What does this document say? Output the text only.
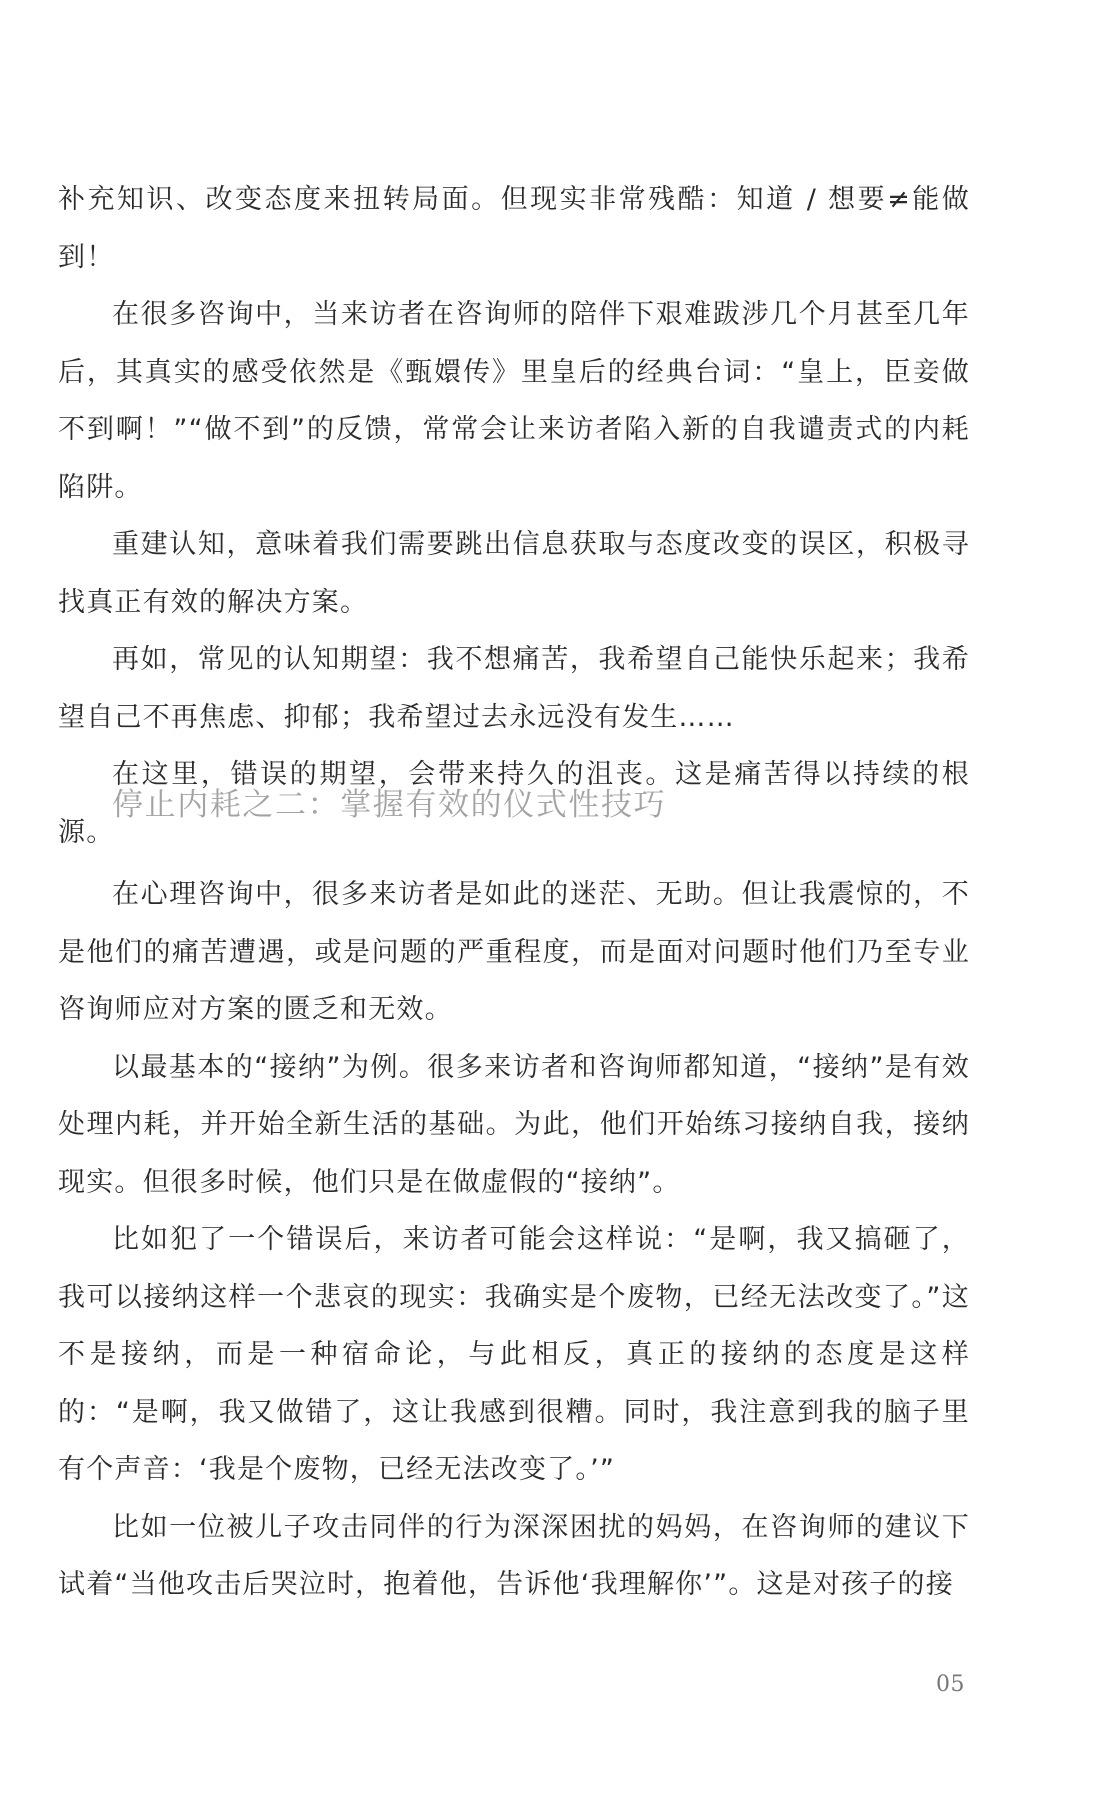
补充知识、改变态度来扭转局面。但现实非常残酷：知道 / 想要≠能做到！

在很多咨询中，当来访者在咨询师的陪伴下艰难跋涉几个月甚至几年后，其真实的感受依然是《甄嬛传》里皇后的经典台词：“皇上，臣妾做不到啊！”“做不到”的反馈，常常会让来访者陷入新的自我谴责式的内耗陷阱。

重建认知，意味着我们需要跳出信息获取与态度改变的误区，积极寻找真正有效的解决方案。

再如，常见的认知期望：我不想痛苦，我希望自己能快乐起来；我希望自己不再焦虑、抑郁；我希望过去永远没有发生……

在这里，错误的期望，会带来持久的沮丧。这是痛苦得以持续的根源。

停止内耗之二：掌握有效的仪式性技巧

在心理咨询中，很多来访者是如此的迷茫、无助。但让我震惊的，不是他们的痛苦遭遇，或是问题的严重程度，而是面对问题时他们乃至专业咨询师应对方案的匮乏和无效。

以最基本的“接纳”为例。很多来访者和咨询师都知道，“接纳”是有效处理内耗，并开始全新生活的基础。为此，他们开始练习接纳自我，接纳现实。但很多时候，他们只是在做虚假的“接纳”。

比如犯了一个错误后，来访者可能会这样说：“是啊，我又搞砸了，我可以接纳这样一个悲哀的现实：我确实是个废物，已经无法改变了。”这不是接纳，而是一种宿命论，与此相反，真正的接纳的态度是这样的：“是啊，我又做错了，这让我感到很糟。同时，我注意到我的脑子里有个声音：‘我是个废物，已经无法改变了。’”

比如一位被儿子攻击同伴的行为深深困扰的妈妈，在咨询师的建议下试着“当他攻击后哭泣时，抱着他，告诉他‘我理解你’”。这是对孩子的接

05
